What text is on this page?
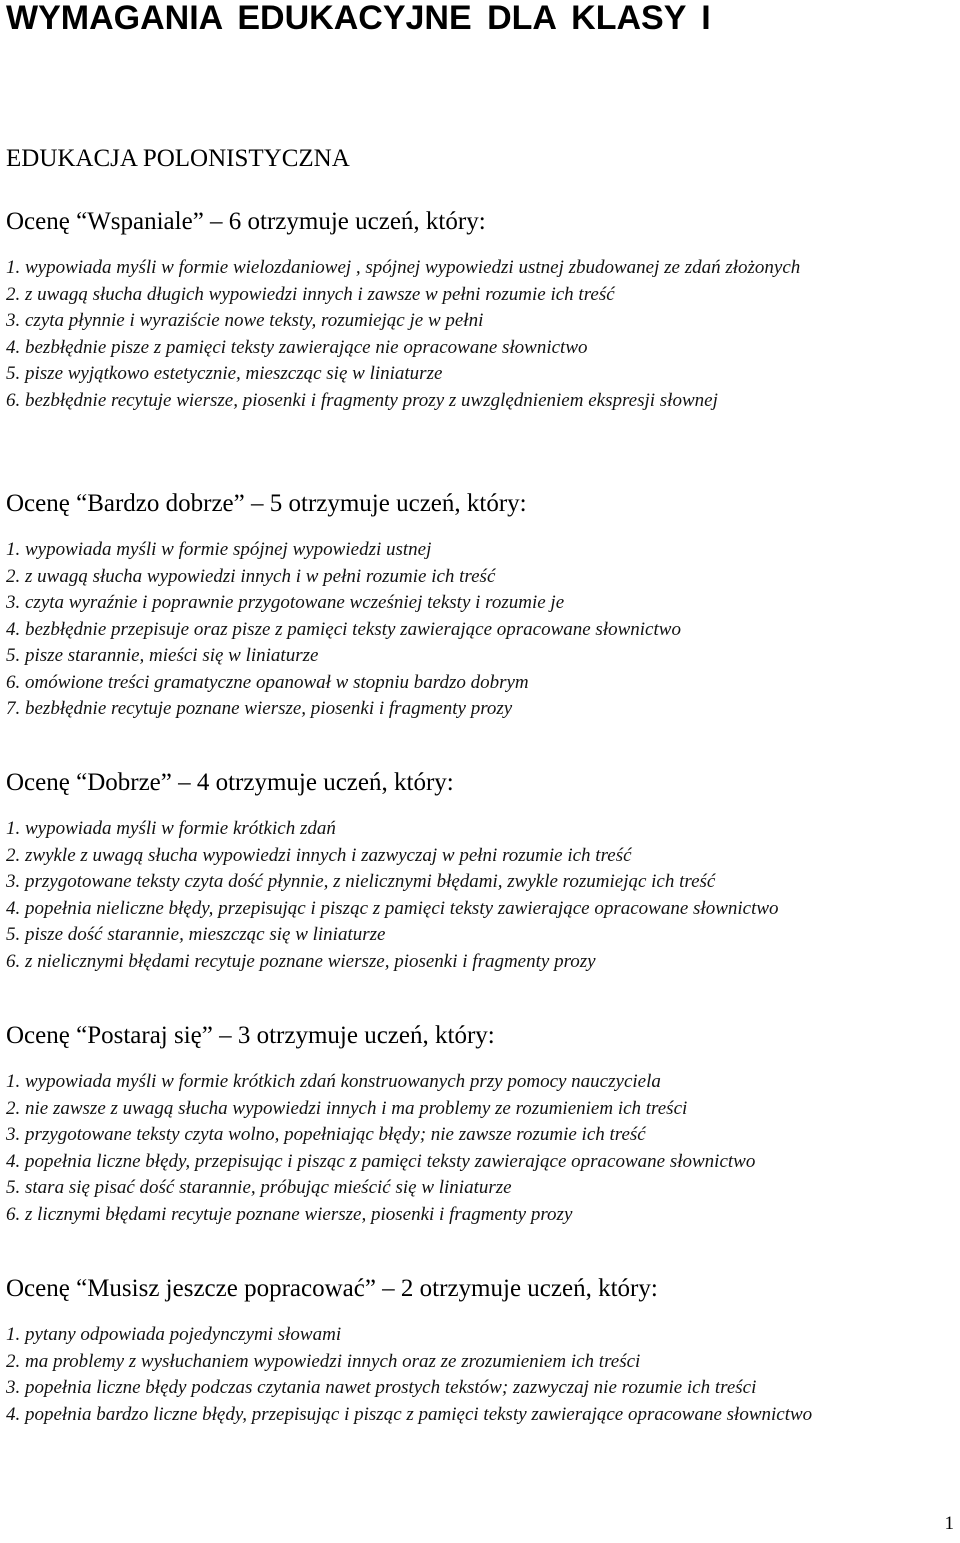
WYMAGANIA EDUKACYJNE DLA KLASY I
EDUKACJA POLONISTYCZNA
Ocenę “Wspaniale” – 6 otrzymuje uczeń, który:
1. wypowiada myśli w formie wielozdaniowej , spójnej wypowiedzi ustnej zbudowanej ze zdań złożonych
2. z uwagą słucha długich wypowiedzi innych i zawsze w pełni rozumie ich treść
3. czyta płynnie i wyraziście nowe teksty, rozumiejąc je w pełni
4. bezbłędnie pisze z pamięci teksty zawierające nie opracowane słownictwo
5. pisze wyjątkowo estetycznie, mieszcząc się w liniaturze
6. bezbłędnie recytuje wiersze, piosenki i fragmenty prozy z uwzględnieniem ekspresji słownej
Ocenę “Bardzo dobrze” – 5 otrzymuje uczeń, który:
1. wypowiada myśli w formie spójnej wypowiedzi ustnej
2. z uwagą słucha wypowiedzi innych i w pełni rozumie ich treść
3. czyta wyraźnie i poprawnie przygotowane wcześniej teksty i rozumie je
4. bezbłędnie przepisuje oraz pisze z pamięci teksty zawierające opracowane słownictwo
5. pisze starannie, mieści się w liniaturze
6. omówione treści gramatyczne opanował w stopniu bardzo dobrym
7. bezbłędnie recytuje poznane wiersze, piosenki i fragmenty prozy
Ocenę “Dobrze” – 4 otrzymuje uczeń, który:
1. wypowiada myśli w formie krótkich zdań
2. zwykle z uwagą słucha wypowiedzi innych i zazwyczaj w pełni rozumie ich treść
3. przygotowane teksty czyta dość płynnie, z nielicznymi błędami, zwykle rozumiejąc ich treść
4. popełnia nieliczne błędy, przepisując i pisząc z pamięci teksty zawierające opracowane słownictwo
5. pisze dość starannie, mieszcząc się w liniaturze
6. z nielicznymi błędami recytuje poznane wiersze, piosenki i fragmenty prozy
Ocenę “Postaraj się” – 3 otrzymuje uczeń, który:
1. wypowiada myśli w formie krótkich zdań konstruowanych przy pomocy nauczyciela
2. nie zawsze z uwagą słucha wypowiedzi innych i ma problemy ze rozumieniem ich treści
3. przygotowane teksty czyta wolno, popełniając błędy; nie zawsze rozumie ich treść
4. popełnia liczne błędy, przepisując i pisząc z pamięci teksty zawierające opracowane słownictwo
5. stara się pisać dość starannie, próbując mieścić się w liniaturze
6. z licznymi błędami recytuje poznane wiersze, piosenki i fragmenty prozy
Ocenę “Musisz jeszcze popracować” – 2 otrzymuje uczeń, który:
1. pytany odpowiada pojedynczymi słowami
2. ma problemy z wysłuchaniem wypowiedzi innych oraz ze zrozumieniem ich treści
3. popełnia liczne błędy podczas czytania nawet prostych tekstów; zazwyczaj nie rozumie ich treści
4. popełnia bardzo liczne błędy, przepisując i pisząc z pamięci teksty zawierające opracowane słownictwo
1
